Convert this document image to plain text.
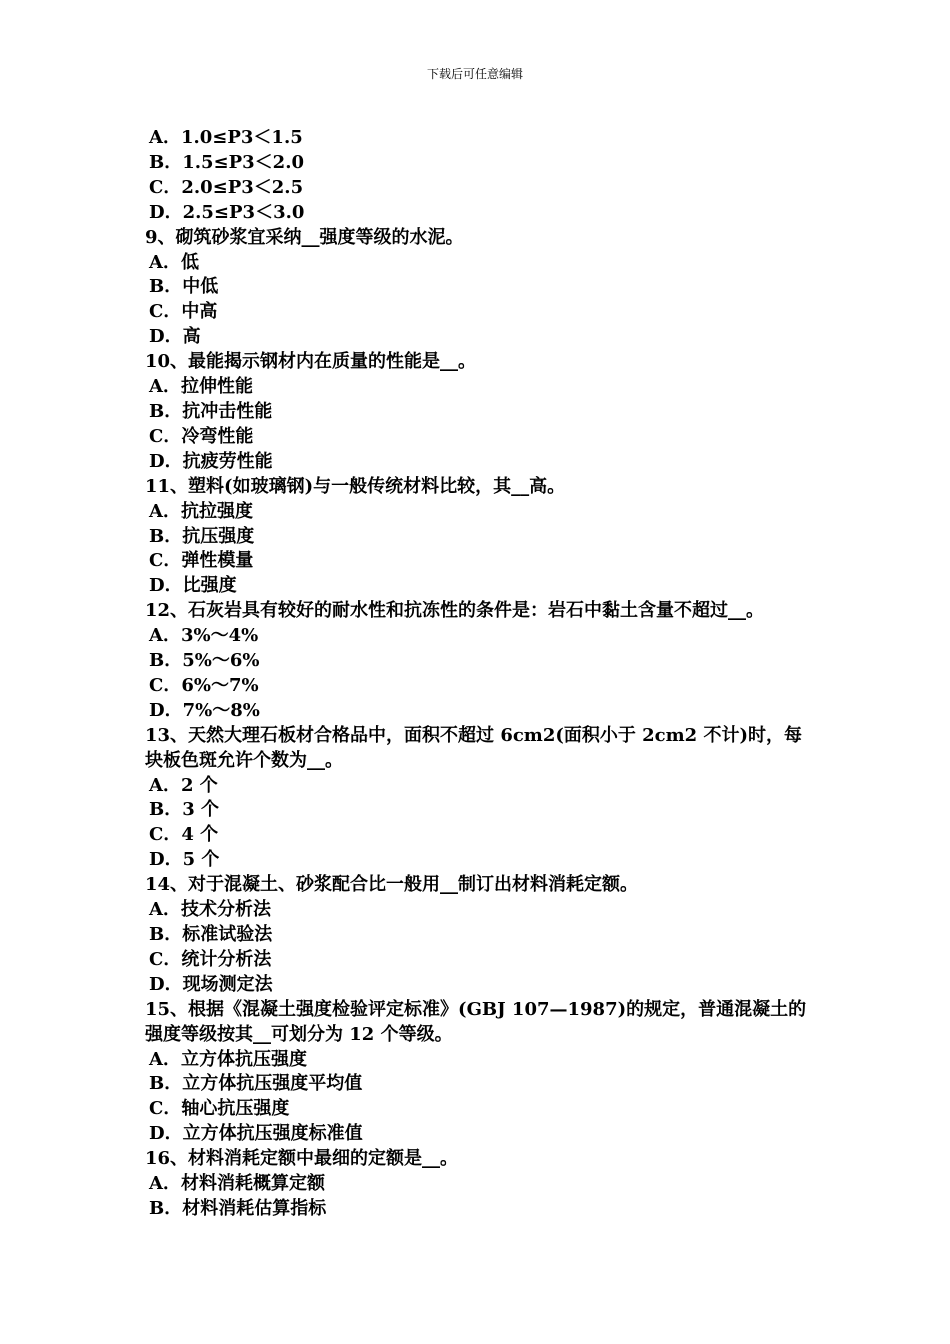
下载后可任意编辑
A．1.0≤P3＜1.5
B．1.5≤P3＜2.0
C．2.0≤P3＜2.5
D．2.5≤P3＜3.0
9、砌筑砂浆宜采纳__强度等级的水泥。
A．低
B．中低
C．中高
D．高
10、最能揭示钢材内在质量的性能是__。
A．拉伸性能
B．抗冲击性能
C．冷弯性能
D．抗疲劳性能
11、塑料(如玻璃钢)与一般传统材料比较，其__高。
A．抗拉强度
B．抗压强度
C．弹性模量
D．比强度
12、石灰岩具有较好的耐水性和抗冻性的条件是：岩石中黏土含量不超过__。
A．3%～4%
B．5%～6%
C．6%～7%
D．7%～8%
13、天然大理石板材合格品中，面积不超过 6cm2(面积小于 2cm2 不计)时，每
块板色斑允许个数为__。
A．2 个
B．3 个
C．4 个
D．5 个
14、对于混凝土、砂浆配合比一般用__制订出材料消耗定额。
A．技术分析法
B．标准试验法
C．统计分析法
D．现场测定法
15、根据《混凝土强度检验评定标准》(GBJ 107—1987)的规定，普通混凝土的
强度等级按其__可划分为 12 个等级。
A．立方体抗压强度
B．立方体抗压强度平均值
C．轴心抗压强度
D．立方体抗压强度标准值
16、材料消耗定额中最细的定额是__。
A．材料消耗概算定额
B．材料消耗估算指标
